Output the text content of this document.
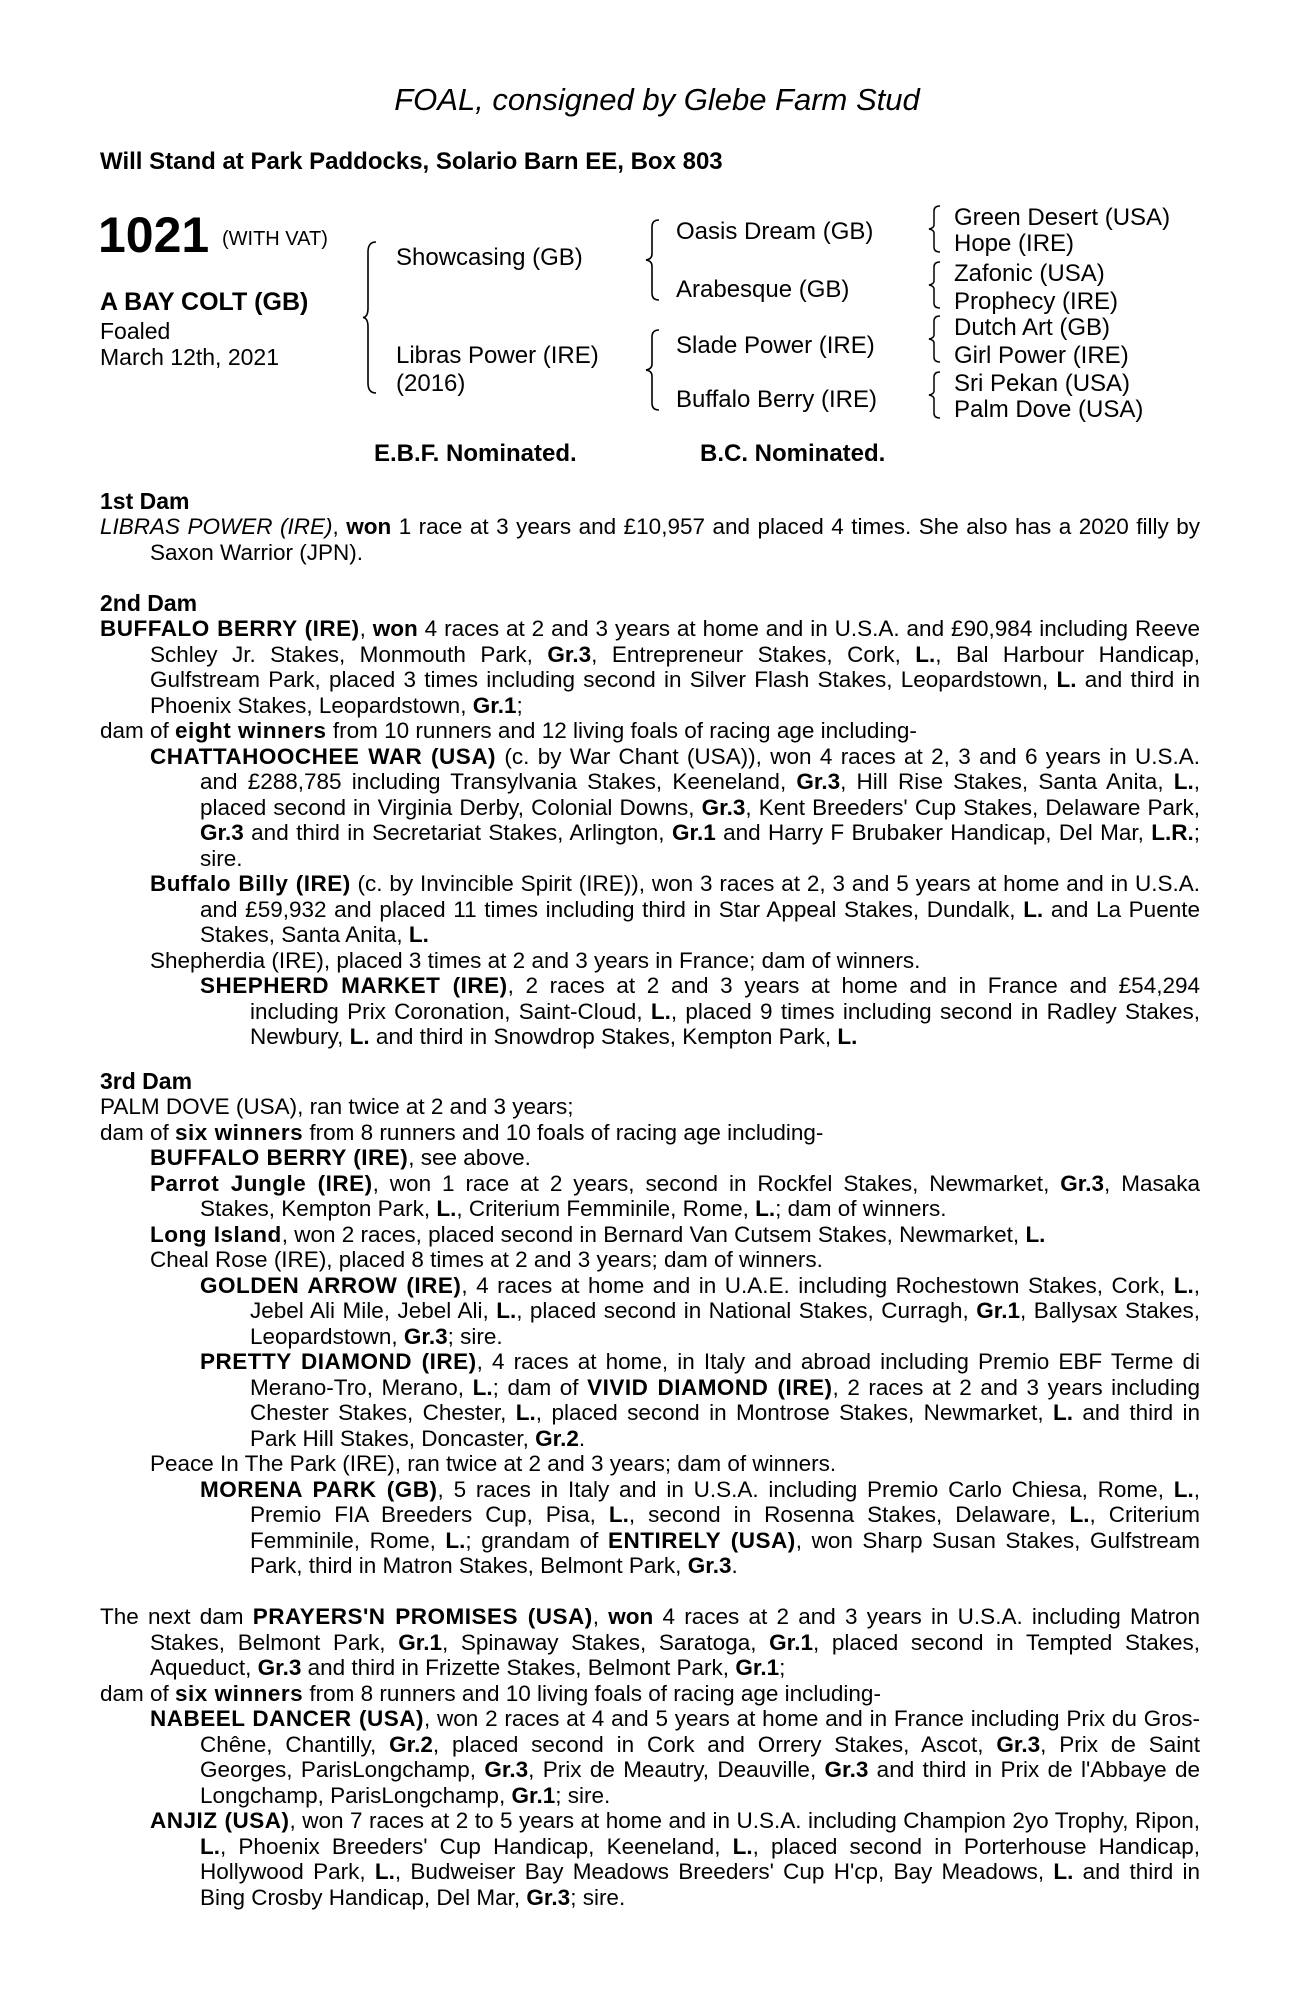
FOAL, consigned by Glebe Farm Stud
Will Stand at Park Paddocks, Solario Barn EE, Box 803
1021 (WITH VAT)
A BAY COLT (GB)
Foaled
March 12th, 2021
Showcasing (GB)
Libras Power (IRE)
(2016)
Oasis Dream (GB)
Arabesque (GB)
Slade Power (IRE)
Buffalo Berry (IRE)
Green Desert (USA)
Hope (IRE)
Zafonic (USA)
Prophecy (IRE)
Dutch Art (GB)
Girl Power (IRE)
Sri Pekan (USA)
Palm Dove (USA)
E.B.F. Nominated.	B.C. Nominated.
1st Dam

LIBRAS POWER (IRE), won 1 race at 3 years and £10,957 and placed 4 times. She also has a 2020 filly by Saxon Warrior (JPN).

2nd Dam

BUFFALO BERRY (IRE), won 4 races at 2 and 3 years at home and in U.S.A. and £90,984 including Reeve Schley Jr. Stakes, Monmouth Park, Gr.3, Entrepreneur Stakes, Cork, L., Bal Harbour Handicap, Gulfstream Park, placed 3 times including second in Silver Flash Stakes, Leopardstown, L. and third in Phoenix Stakes, Leopardstown, Gr.1;

dam of eight winners from 10 runners and 12 living foals of racing age including-

CHATTAHOOCHEE WAR (USA) (c. by War Chant (USA)), won 4 races at 2, 3 and 6 years in U.S.A. and £288,785 including Transylvania Stakes, Keeneland, Gr.3, Hill Rise Stakes, Santa Anita, L., placed second in Virginia Derby, Colonial Downs, Gr.3, Kent Breeders' Cup Stakes, Delaware Park, Gr.3 and third in Secretariat Stakes, Arlington, Gr.1 and Harry F Brubaker Handicap, Del Mar, L.R.; sire.

Buffalo Billy (IRE) (c. by Invincible Spirit (IRE)), won 3 races at 2, 3 and 5 years at home and in U.S.A. and £59,932 and placed 11 times including third in Star Appeal Stakes, Dundalk, L. and La Puente Stakes, Santa Anita, L.

Shepherdia (IRE), placed 3 times at 2 and 3 years in France; dam of winners.

SHEPHERD MARKET (IRE), 2 races at 2 and 3 years at home and in France and £54,294 including Prix Coronation, Saint-Cloud, L., placed 9 times including second in Radley Stakes, Newbury, L. and third in Snowdrop Stakes, Kempton Park, L.

3rd Dam

PALM DOVE (USA), ran twice at 2 and 3 years;

dam of six winners from 8 runners and 10 foals of racing age including-

BUFFALO BERRY (IRE), see above.

Parrot Jungle (IRE), won 1 race at 2 years, second in Rockfel Stakes, Newmarket, Gr.3, Masaka Stakes, Kempton Park, L., Criterium Femminile, Rome, L.; dam of winners.

Long Island, won 2 races, placed second in Bernard Van Cutsem Stakes, Newmarket, L.

Cheal Rose (IRE), placed 8 times at 2 and 3 years; dam of winners.

GOLDEN ARROW (IRE), 4 races at home and in U.A.E. including Rochestown Stakes, Cork, L., Jebel Ali Mile, Jebel Ali, L., placed second in National Stakes, Curragh, Gr.1, Ballysax Stakes, Leopardstown, Gr.3; sire.

PRETTY DIAMOND (IRE), 4 races at home, in Italy and abroad including Premio EBF Terme di Merano-Tro, Merano, L.; dam of VIVID DIAMOND (IRE), 2 races at 2 and 3 years including Chester Stakes, Chester, L., placed second in Montrose Stakes, Newmarket, L. and third in Park Hill Stakes, Doncaster, Gr.2.

Peace In The Park (IRE), ran twice at 2 and 3 years; dam of winners.

MORENA PARK (GB), 5 races in Italy and in U.S.A. including Premio Carlo Chiesa, Rome, L., Premio FIA Breeders Cup, Pisa, L., second in Rosenna Stakes, Delaware, L., Criterium Femminile, Rome, L.; grandam of ENTIRELY (USA), won Sharp Susan Stakes, Gulfstream Park, third in Matron Stakes, Belmont Park, Gr.3.

The next dam PRAYERS'N PROMISES (USA), won 4 races at 2 and 3 years in U.S.A. including Matron Stakes, Belmont Park, Gr.1, Spinaway Stakes, Saratoga, Gr.1, placed second in Tempted Stakes, Aqueduct, Gr.3 and third in Frizette Stakes, Belmont Park, Gr.1;

dam of six winners from 8 runners and 10 living foals of racing age including-

NABEEL DANCER (USA), won 2 races at 4 and 5 years at home and in France including Prix du Gros-Chêne, Chantilly, Gr.2, placed second in Cork and Orrery Stakes, Ascot, Gr.3, Prix de Saint Georges, ParisLongchamp, Gr.3, Prix de Meautry, Deauville, Gr.3 and third in Prix de l'Abbaye de Longchamp, ParisLongchamp, Gr.1; sire.

ANJIZ (USA), won 7 races at 2 to 5 years at home and in U.S.A. including Champion 2yo Trophy, Ripon, L., Phoenix Breeders' Cup Handicap, Keeneland, L., placed second in Porterhouse Handicap, Hollywood Park, L., Budweiser Bay Meadows Breeders' Cup H'cp, Bay Meadows, L. and third in Bing Crosby Handicap, Del Mar, Gr.3; sire.
